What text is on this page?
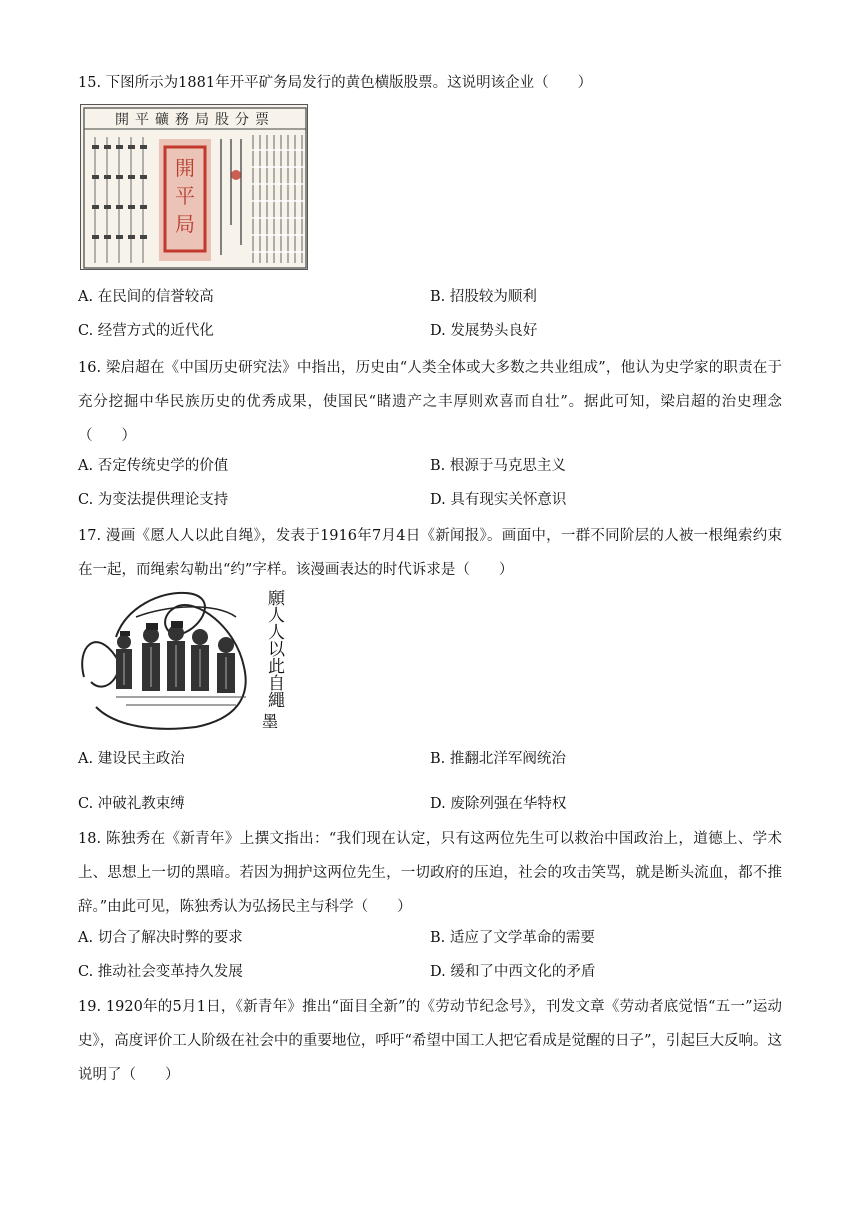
15. 下图所示为1881年开平矿务局发行的黄色横版股票。这说明该企业（　　）
開平礦務局股分票
開
平
局
A. 在民间的信誉较高	B. 招股较为顺利
C. 经营方式的近代化	D. 发展势头良好
16. 梁启超在《中国历史研究法》中指出，历史由“人类全体或大多数之共业组成”，他认为史学家的职责在于充分挖掘中华民族历史的优秀成果，使国民“睹遗产之丰厚则欢喜而自壮”。据此可知，梁启超的治史理念（　　）
A. 否定传统史学的价值	B. 根源于马克思主义
C. 为变法提供理论支持	D. 具有现实关怀意识
17. 漫画《愿人人以此自绳》，发表于1916年7月4日《新闻报》。画面中，一群不同阶层的人被一根绳索约束在一起，而绳索勾勒出“约”字样。该漫画表达的时代诉求是（　　）
願人人以此自繩
墨
A. 建设民主政治	B. 推翻北洋军阀统治
C. 冲破礼教束缚	D. 废除列强在华特权
18. 陈独秀在《新青年》上撰文指出：“我们现在认定，只有这两位先生可以救治中国政治上，道德上、学术上、思想上一切的黑暗。若因为拥护这两位先生，一切政府的压迫，社会的攻击笑骂，就是断头流血，都不推辞。”由此可见，陈独秀认为弘扬民主与科学（　　）
A. 切合了解决时弊的要求	B. 适应了文学革命的需要
C. 推动社会变革持久发展	D. 缓和了中西文化的矛盾
19. 1920年的5月1日，《新青年》推出“面目全新”的《劳动节纪念号》，刊发文章《劳动者底觉悟“五一”运动史》，高度评价工人阶级在社会中的重要地位，呼吁“希望中国工人把它看成是觉醒的日子”，引起巨大反响。这说明了（　　）
